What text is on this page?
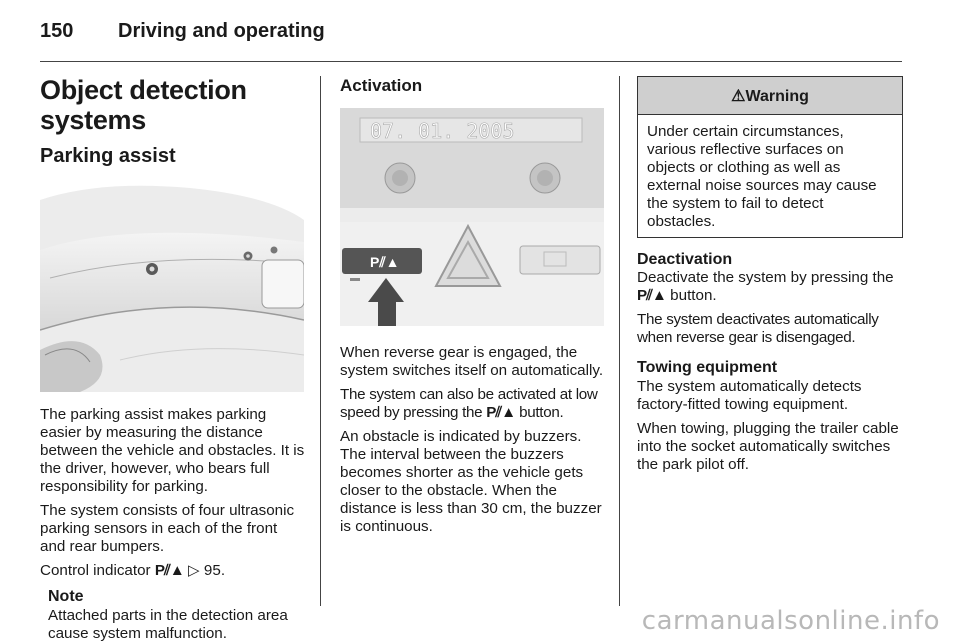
150 Driving and operating
Object detection systems
Parking assist

The parking assist makes parking easier by measuring the distance between the vehicle and obstacles. It is the driver, however, who bears full responsibility for parking.

The system consists of four ultrasonic parking sensors in each of the front and rear bumpers.

Control indicator P⫽▲ ▷ 95.

Note

Attached parts in the detection area cause system malfunction.

Activation
07. 01. 2005
P⫽▲

When reverse gear is engaged, the system switches itself on automatically.

The system can also be activated at low speed by pressing the P⫽▲ button.

An obstacle is indicated by buzzers. The interval between the buzzers becomes shorter as the vehicle gets closer to the obstacle. When the distance is less than 30 cm, the buzzer is continuous.

⚠Warning

Under certain circumstances, various reflective surfaces on objects or clothing as well as external noise sources may cause the system to fail to detect obstacles.

Deactivation

Deactivate the system by pressing the P⫽▲ button.

The system deactivates automatically when reverse gear is disengaged.

Towing equipment

The system automatically detects factory-fitted towing equipment.

When towing, plugging the trailer cable into the socket automatically switches the park pilot off.

carmanualsonline.info
